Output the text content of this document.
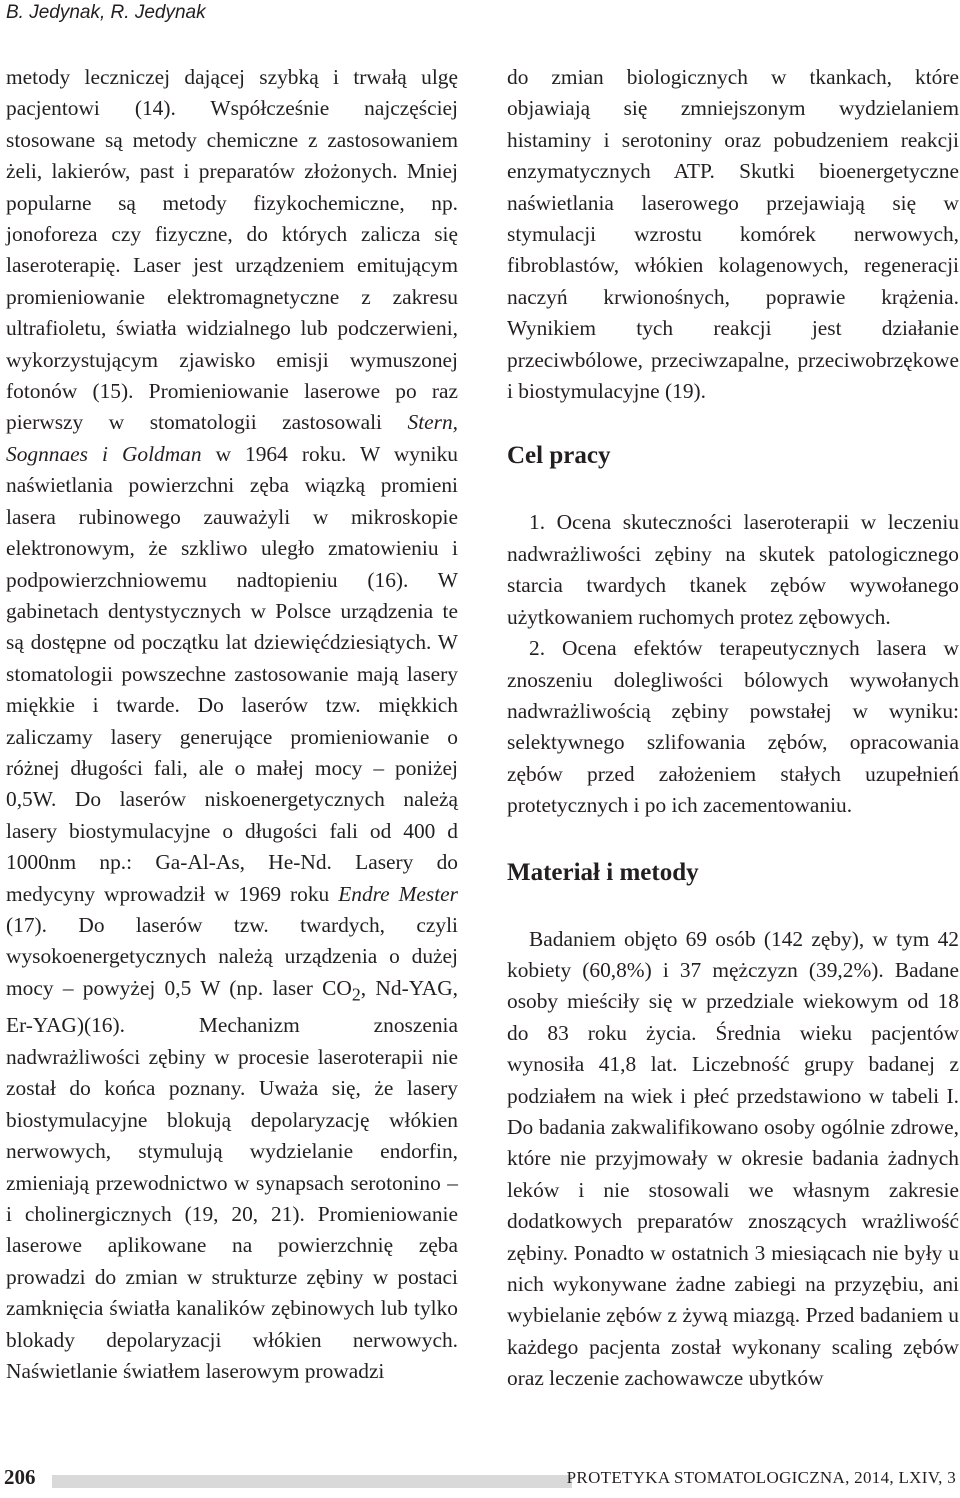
B. Jedynak, R. Jedynak

metody leczniczej dającej szybką i trwałą ulgę pacjentowi (14). Współcześnie najczęściej stosowane są metody chemiczne z zastosowaniem żeli, lakierów, past i preparatów złożonych. Mniej popularne są metody fizykochemiczne, np. jonoforeza czy fizyczne, do których zalicza się laseroterapię. Laser jest urządzeniem emitującym promieniowanie elektromagnetyczne z zakresu ultrafioletu, światła widzialnego lub podczerwieni, wykorzystującym zjawisko emisji wymuszonej fotonów (15). Promieniowanie laserowe po raz pierwszy w stomatologii zastosowali Stern, Sognnaes i Goldman w 1964 roku. W wyniku naświetlania powierzchni zęba wiązką promieni lasera rubinowego zauważyli w mikroskopie elektronowym, że szkliwo uległo zmatowieniu i podpowierzchniowemu nadtopieniu (16). W gabinetach dentystycznych w Polsce urządzenia te są dostępne od początku lat dziewięćdziesiątych. W stomatologii powszechne zastosowanie mają lasery miękkie i twarde. Do laserów tzw. miękkich zaliczamy lasery generujące promieniowanie o różnej długości fali, ale o małej mocy – poniżej 0,5W. Do laserów niskoenergetycznych należą lasery biostymulacyjne o długości fali od 400 d 1000nm np.: Ga-Al-As, He-Nd. Lasery do medycyny wprowadził w 1969 roku Endre Mester (17). Do laserów tzw. twardych, czyli wysokoenergetycznych należą urządzenia o dużej mocy – powyżej 0,5 W (np. laser $CO_2$, Nd-YAG, Er-YAG)(16). Mechanizm znoszenia nadwrażliwości zębiny w procesie laseroterapii nie został do końca poznany. Uważa się, że lasery biostymulacyjne blokują depolaryzację włókien nerwowych, stymulują wydzielanie endorfin, zmieniają przewodnictwo w synapsach serotonino – i cholinergicznych (19, 20, 21). Promieniowanie laserowe aplikowane na powierzchnię zęba prowadzi do zmian w strukturze zębiny w postaci zamknięcia światła kanalików zębinowych lub tylko blokady depolaryzacji włókien nerwowych. Naświetlanie światłem laserowym prowadzi

do zmian biologicznych w tkankach, które objawiają się zmniejszonym wydzielaniem histaminy i serotoniny oraz pobudzeniem reakcji enzymatycznych ATP. Skutki bioenergetyczne naświetlania laserowego przejawiają się w stymulacji wzrostu komórek nerwowych, fibroblastów, włókien kolagenowych, regeneracji naczyń krwionośnych, poprawie krążenia. Wynikiem tych reakcji jest działanie przeciwbólowe, przeciwzapalne, przeciwobrzękowe i biostymulacyjne (19).

Cel pracy

1. Ocena skuteczności laseroterapii w leczeniu nadwrażliwości zębiny na skutek patologicznego starcia twardych tkanek zębów wywołanego użytkowaniem ruchomych protez zębowych.

2. Ocena efektów terapeutycznych lasera w znoszeniu dolegliwości bólowych wywołanych nadwrażliwością zębiny powstałej w wyniku: selektywnego szlifowania zębów, opracowania zębów przed założeniem stałych uzupełnień protetycznych i po ich zacementowaniu.

Materiał i metody

Badaniem objęto 69 osób (142 zęby), w tym 42 kobiety (60,8%) i 37 mężczyzn (39,2%). Badane osoby mieściły się w przedziale wiekowym od 18 do 83 roku życia. Średnia wieku pacjentów wynosiła 41,8 lat. Liczebność grupy badanej z podziałem na wiek i płeć przedstawiono w tabeli I. Do badania zakwalifikowano osoby ogólnie zdrowe, które nie przyjmowały w okresie badania żadnych leków i nie stosowali we własnym zakresie dodatkowych preparatów znoszących wrażliwość zębiny. Ponadto w ostatnich 3 miesiącach nie były u nich wykonywane żadne zabiegi na przyzębiu, ani wybielanie zębów z żywą miazgą. Przed badaniem u każdego pacjenta został wykonany scaling zębów oraz leczenie zachowawcze ubytków

206	PROTETYKA STOMATOLOGICZNA, 2014, LXIV, 3
